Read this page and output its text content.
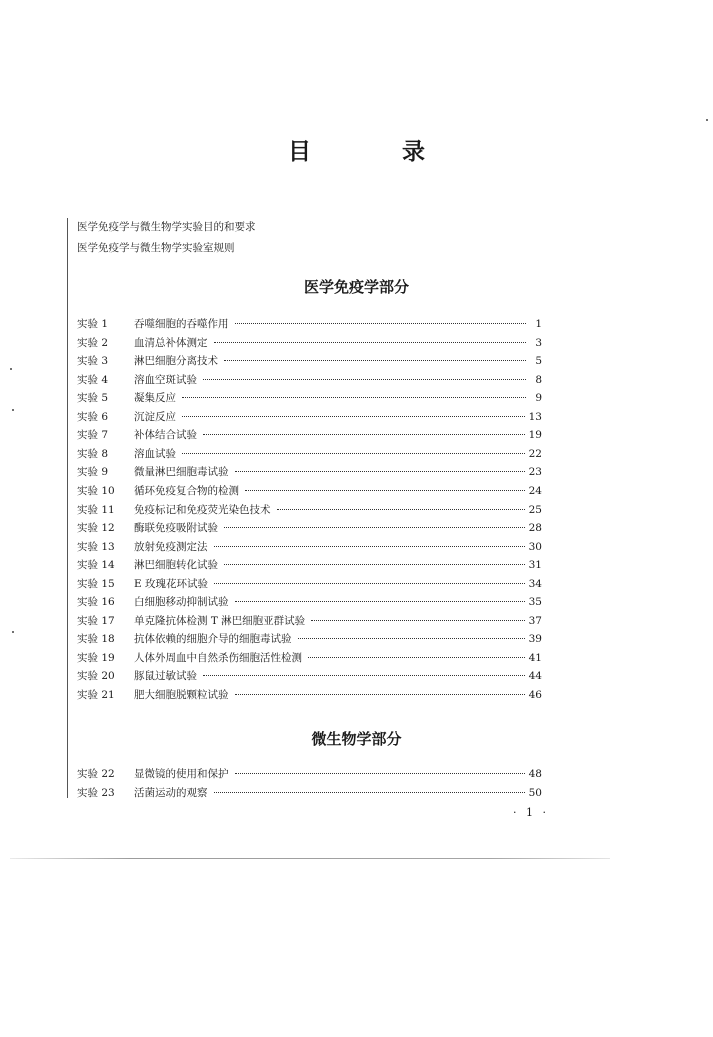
目　录
医学免疫学与微生物学实验目的和要求
医学免疫学与微生物学实验室规则
医学免疫学部分
实验 1	吞噬细胞的吞噬作用	1
实验 2	血清总补体测定	3
实验 3	淋巴细胞分离技术	5
实验 4	溶血空斑试验	8
实验 5	凝集反应	9
实验 6	沉淀反应	13
实验 7	补体结合试验	19
实验 8	溶血试验	22
实验 9	微量淋巴细胞毒试验	23
实验 10	循环免疫复合物的检测	24
实验 11	免疫标记和免疫荧光染色技术	25
实验 12	酶联免疫吸附试验	28
实验 13	放射免疫测定法	30
实验 14	淋巴细胞转化试验	31
实验 15	E 玫瑰花环试验	34
实验 16	白细胞移动抑制试验	35
实验 17	单克隆抗体检测 T 淋巴细胞亚群试验	37
实验 18	抗体依赖的细胞介导的细胞毒试验	39
实验 19	人体外周血中自然杀伤细胞活性检测	41
实验 20	豚鼠过敏试验	44
实验 21	肥大细胞脱颗粒试验	46
微生物学部分
实验 22	显微镜的使用和保护	48
实验 23	活菌运动的观察	50
· 1 ·
